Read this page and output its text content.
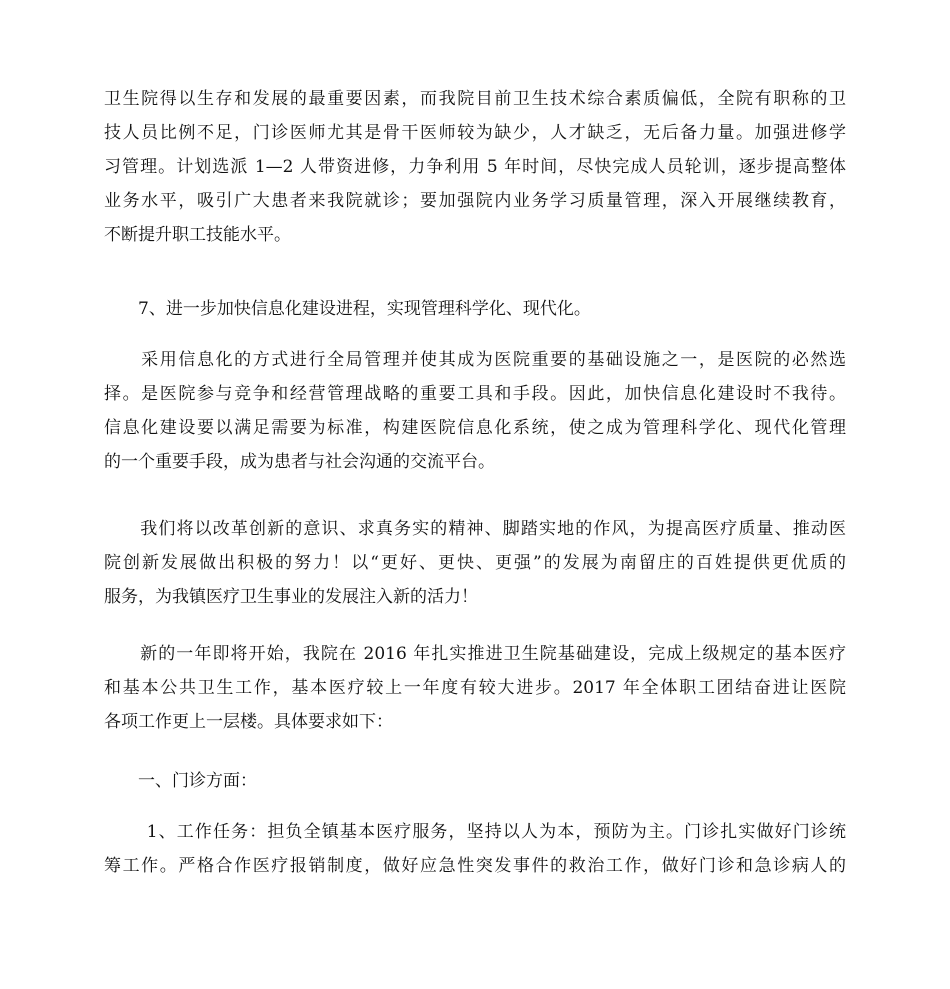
卫生院得以生存和发展的最重要因素，而我院目前卫生技术综合素质偏低，全院有职称的卫
技人员比例不足，门诊医师尤其是骨干医师较为缺少，人才缺乏，无后备力量。加强进修学
习管理。计划选派 1—2 人带资进修，力争利用 5 年时间，尽快完成人员轮训，逐步提高整体
业务水平，吸引广大患者来我院就诊；要加强院内业务学习质量管理，深入开展继续教育，
不断提升职工技能水平。
　　7、进一步加快信息化建设进程，实现管理科学化、现代化。
　　采用信息化的方式进行全局管理并使其成为医院重要的基础设施之一，是医院的必然选
择。是医院参与竞争和经营管理战略的重要工具和手段。因此，加快信息化建设时不我待。
信息化建设要以满足需要为标准，构建医院信息化系统，使之成为管理科学化、现代化管理
的一个重要手段，成为患者与社会沟通的交流平台。
　　我们将以改革创新的意识、求真务实的精神、脚踏实地的作风，为提高医疗质量、推动医
院创新发展做出积极的努力！以“更好、更快、更强”的发展为南留庄的百姓提供更优质的
服务，为我镇医疗卫生事业的发展注入新的活力！
　　新的一年即将开始，我院在 2016 年扎实推进卫生院基础建设，完成上级规定的基本医疗
和基本公共卫生工作，基本医疗较上一年度有较大进步。2017 年全体职工团结奋进让医院
各项工作更上一层楼。具体要求如下：
　　一、门诊方面：
　　 1、工作任务：担负全镇基本医疗服务，坚持以人为本，预防为主。门诊扎实做好门诊统
筹工作。严格合作医疗报销制度，做好应急性突发事件的救治工作，做好门诊和急诊病人的
